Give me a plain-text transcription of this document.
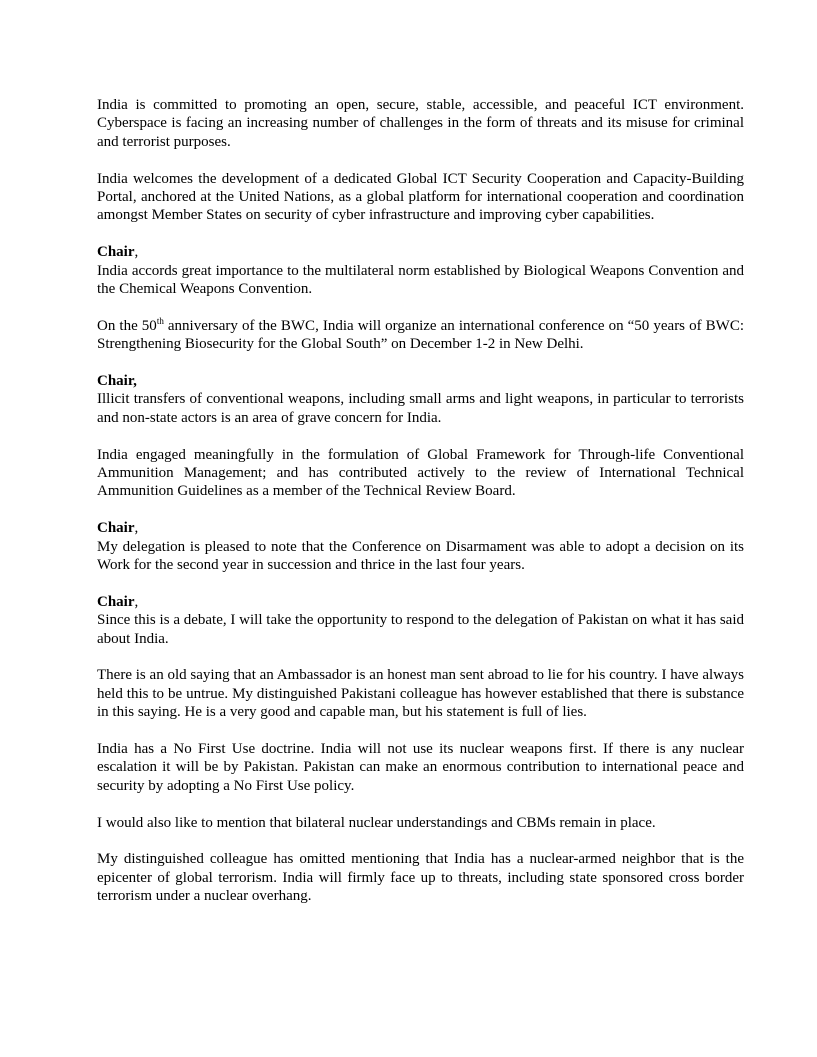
India is committed to promoting an open, secure, stable, accessible, and peaceful ICT environment. Cyberspace is facing an increasing number of challenges in the form of threats and its misuse for criminal and terrorist purposes.

India welcomes the development of a dedicated Global ICT Security Cooperation and Capacity-Building Portal, anchored at the United Nations, as a global platform for international cooperation and coordination amongst Member States on security of cyber infrastructure and improving cyber capabilities.

Chair,
India accords great importance to the multilateral norm established by Biological Weapons Convention and the Chemical Weapons Convention.

On the 50th anniversary of the BWC, India will organize an international conference on “50 years of BWC: Strengthening Biosecurity for the Global South” on December 1-2 in New Delhi.

Chair,
Illicit transfers of conventional weapons, including small arms and light weapons, in particular to terrorists and non-state actors is an area of grave concern for India.

India engaged meaningfully in the formulation of Global Framework for Through-life Conventional Ammunition Management; and has contributed actively to the review of International Technical Ammunition Guidelines as a member of the Technical Review Board.

Chair,
My delegation is pleased to note that the Conference on Disarmament was able to adopt a decision on its Work for the second year in succession and thrice in the last four years.
Chair,
Since this is a debate, I will take the opportunity to respond to the delegation of Pakistan on what it has said about India.

There is an old saying that an Ambassador is an honest man sent abroad to lie for his country. I have always held this to be untrue. My distinguished Pakistani colleague has however established that there is substance in this saying. He is a very good and capable man, but his statement is full of lies.

India has a No First Use doctrine. India will not use its nuclear weapons first. If there is any nuclear escalation it will be by Pakistan. Pakistan can make an enormous contribution to international peace and security by adopting a No First Use policy.

I would also like to mention that bilateral nuclear understandings and CBMs remain in place.

My distinguished colleague has omitted mentioning that India has a nuclear-armed neighbor that is the epicenter of global terrorism. India will firmly face up to threats, including state sponsored cross border terrorism under a nuclear overhang.
